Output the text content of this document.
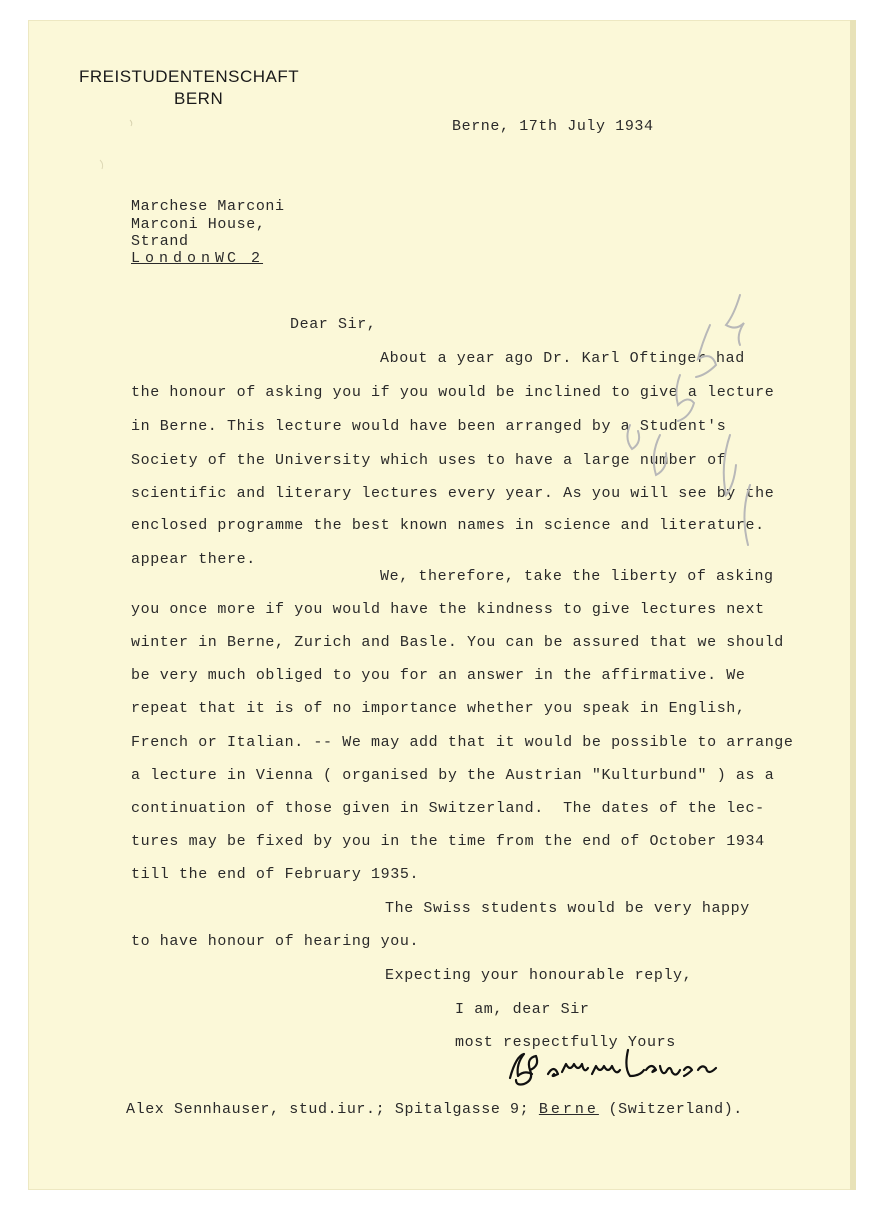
FREISTUDENTENSCHAFT
BERN
Berne, 17th July 1934
Marchese Marconi
Marconi House,
Strand
LondonWC 2
Dear Sir,
About a year ago Dr. Karl Oftinger had
the honour of asking you if you would be inclined to give a lecture
in Berne. This lecture would have been arranged by a Student's
Society of the University which uses to have a large number of
scientific and literary lectures every year. As you will see by the
enclosed programme the best known names in science and literature.
appear there.
We, therefore, take the liberty of asking
you once more if you would have the kindness to give lectures next
winter in Berne, Zurich and Basle. You can be assured that we should
be very much obliged to you for an answer in the affirmative. We
repeat that it is of no importance whether you speak in English,
French or Italian. -- We may add that it would be possible to arrange
a lecture in Vienna ( organised by the Austrian "Kulturbund" ) as a
continuation of those given in Switzerland.  The dates of the lec-
tures may be fixed by you in the time from the end of October 1934
till the end of February 1935.
The Swiss students would be very happy
to have honour of hearing you.
Expecting your honourable reply,
I am, dear Sir
most respectfully Yours
Alex Sennhauser, stud.iur.; Spitalgasse 9; Berne (Switzerland).
